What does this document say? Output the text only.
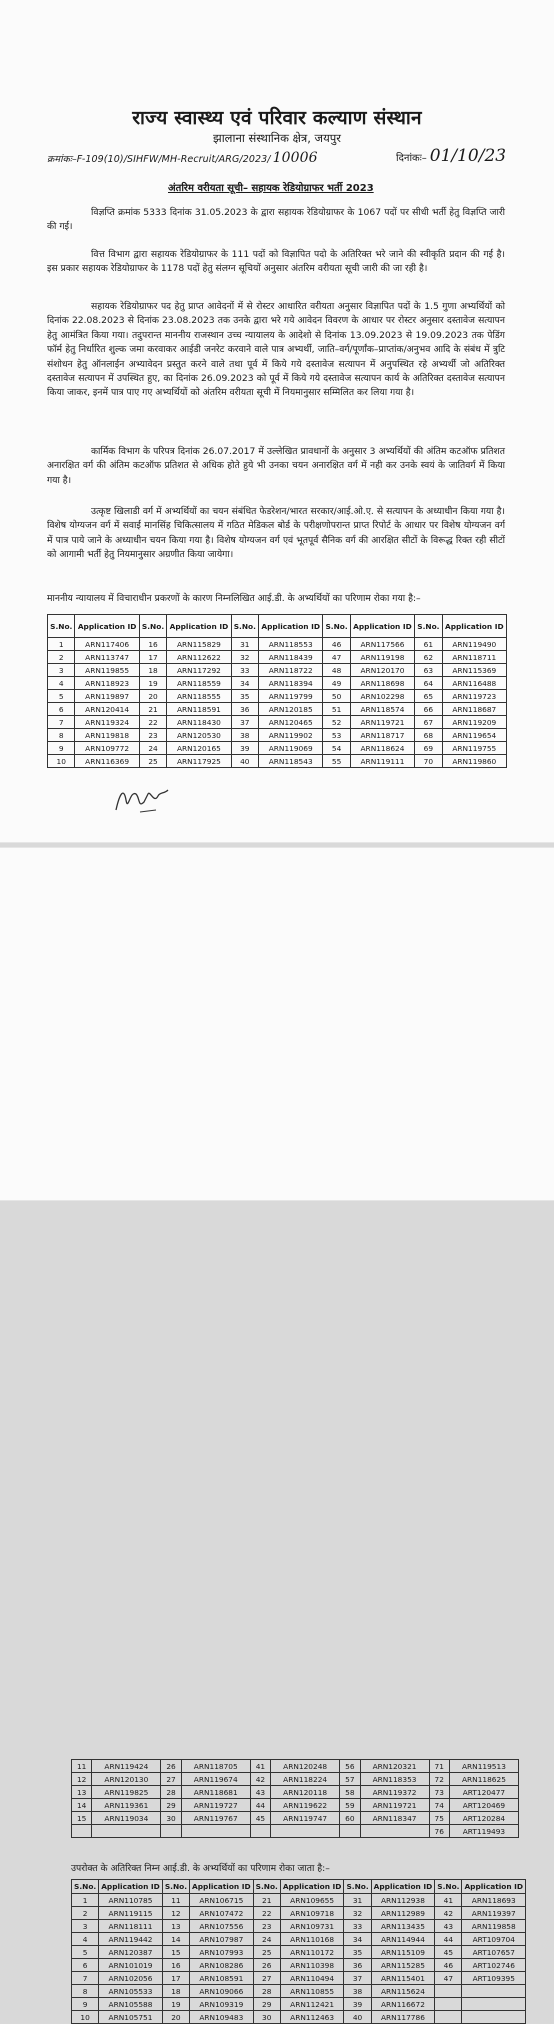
राज्य स्वास्थ्य एवं परिवार कल्याण संस्थान
झालाना संस्थानिक क्षेत्र, जयपुर
क्रमांकः–F-109(10)/SIHFW/MH-Recruit/ARG/2023/ 10006	दिनांकः– 01/10/23
अंतरिम वरीयता सूची– सहायक रेडियोग्राफर भर्ती 2023
विज्ञप्ति क्रमांक 5333 दिनांक 31.05.2023 के द्वारा सहायक रेडियोग्राफर के 1067 पदों पर सीधी भर्ती हेतु विज्ञप्ति जारी की गई।
वित्त विभाग द्वारा सहायक रेडियोग्राफर के 111 पदों को विज्ञापित पदो के अतिरिक्त भरे जाने की स्वीकृति प्रदान की गई है। इस प्रकार सहायक रेडियोग्राफर के 1178 पदों हेतु संलग्न सूचियों अनुसार अंतरिम वरीयता सूची जारी की जा रही है।
सहायक रेडियोग्राफर पद हेतु प्राप्त आवेदनों में से रोस्टर आधारित वरीयता अनुसार विज्ञापित पदों के 1.5 गुणा अभ्यर्थियों को दिनांक 22.08.2023 से दिनांक 23.08.2023 तक उनके द्वारा भरे गये आवेदन विवरण के आधार पर रोस्टर अनुसार दस्तावेज सत्यापन हेतु आमंत्रित किया गया। तदुपरान्त माननीय राजस्थान उच्च न्यायालय के आदेशो से दिनांक 13.09.2023 से 19.09.2023 तक पेडिंग फॉर्म हेतु निर्धारित शुल्क जमा करवाकर आईडी जनरेट करवाने वाले पात्र अभ्यर्थी, जाति–वर्ग/पूर्णांक–प्राप्तांक/अनुभव आदि के संबंध में त्रुटि संशोधन हेतु ऑनलाईन अभ्यावेदन प्रस्तुत करने वाले तथा पूर्व में किये गये दस्तावेज सत्यापन में अनुपस्थित रहे अभ्यर्थी जो अतिरिक्त दस्तावेज सत्यापन में उपस्थित हुए, का दिनांक 26.09.2023 को पूर्व में किये गये दस्तावेज सत्यापन कार्य के अतिरिक्त दस्तावेज सत्यापन किया जाकर, इनमें पात्र पाए गए अभ्यर्थियों को अंतरिम वरीयता सूची में नियमानुसार सम्मिलित कर लिया गया है।
कार्मिक विभाग के परिपत्र दिनांक 26.07.2017 में उल्लेखित प्रावधानों के अनुसार 3 अभ्यर्थियों की अंतिम कटऑफ प्रतिशत अनारक्षित वर्ग की अंतिम कटऑफ प्रतिशत से अधिक होते हुये भी उनका चयन अनारक्षित वर्ग में नही कर उनके स्वयं के जातिवर्ग में किया गया है।
उत्कृष्ट खिलाडी वर्ग में अभ्यर्थियों का चयन संबंधित फेडरेशन/भारत सरकार/आई.ओ.ए. से सत्यापन के अध्याधीन किया गया है। विशेष योग्यजन वर्ग में सवाई मानसिंह चिकित्सालय में गठित मेडिकल बोर्ड के परीक्षणोपरान्त प्राप्त रिपोर्ट के आधार पर विशेष योग्यजन वर्ग में पात्र पाये जाने के अध्याधीन चयन किया गया है। विशेष योग्यजन वर्ग एवं भूतपूर्व सैनिक वर्ग की आरक्षित सीटों के विरूद्ध रिक्त रही सीटों को आगामी भर्ती हेतु नियमानुसार अग्रणीत किया जायेगा।
माननीय न्यायालय में विचाराधीन प्रकरणों के कारण निम्नलिखित आई.डी. के अभ्यर्थियों का परिणाम रोका गया है:–
S.No.	Application ID	S.No.	Application ID	S.No.	Application ID	S.No.	Application ID	S.No.	Application ID
1	ARN117406	16	ARN115829	31	ARN118553	46	ARN117566	61	ARN119490
2	ARN113747	17	ARN112622	32	ARN118439	47	ARN119198	62	ARN118711
3	ARN119855	18	ARN117292	33	ARN118722	48	ARN120170	63	ARN115369
4	ARN118923	19	ARN118559	34	ARN118394	49	ARN118698	64	ARN116488
5	ARN119897	20	ARN118555	35	ARN119799	50	ARN102298	65	ARN119723
6	ARN120414	21	ARN118591	36	ARN120185	51	ARN118574	66	ARN118687
7	ARN119324	22	ARN118430	37	ARN120465	52	ARN119721	67	ARN119209
8	ARN119818	23	ARN120530	38	ARN119902	53	ARN118717	68	ARN119654
9	ARN109772	24	ARN120165	39	ARN119069	54	ARN118624	69	ARN119755
10	ARN116369	25	ARN117925	40	ARN118543	55	ARN119111	70	ARN119860
11	ARN119424	26	ARN118705	41	ARN120248	56	ARN120321	71	ARN119513
12	ARN120130	27	ARN119674	42	ARN118224	57	ARN118353	72	ARN118625
13	ARN119825	28	ARN118681	43	ARN120118	58	ARN119372	73	ART120477
14	ARN119361	29	ARN119727	44	ARN119622	59	ARN119721	74	ART120469
15	ARN119034	30	ARN119767	45	ARN119747	60	ARN118347	75	ART120284
								76	ART119493
उपरोक्त के अतिरिक्त निम्न आई.डी. के अभ्यर्थियों का परिणाम रोका जाता है:–
S.No.	Application ID	S.No.	Application ID	S.No.	Application ID	S.No.	Application ID	S.No.	Application ID
1	ARN110785	11	ARN106715	21	ARN109655	31	ARN112938	41	ARN118693
2	ARN119115	12	ARN107472	22	ARN109718	32	ARN112989	42	ARN119397
3	ARN118111	13	ARN107556	23	ARN109731	33	ARN113435	43	ARN119858
4	ARN119442	14	ARN107987	24	ARN110168	34	ARN114944	44	ART109704
5	ARN120387	15	ARN107993	25	ARN110172	35	ARN115109	45	ART107657
6	ARN101019	16	ARN108286	26	ARN110398	36	ARN115285	46	ART102746
7	ARN102056	17	ARN108591	27	ARN110494	37	ARN115401	47	ART109395
8	ARN105533	18	ARN109066	28	ARN110855	38	ARN115624		
9	ARN105588	19	ARN109319	29	ARN112421	39	ARN116672		
10	ARN105751	20	ARN109483	30	ARN112463	40	ARN117786		
